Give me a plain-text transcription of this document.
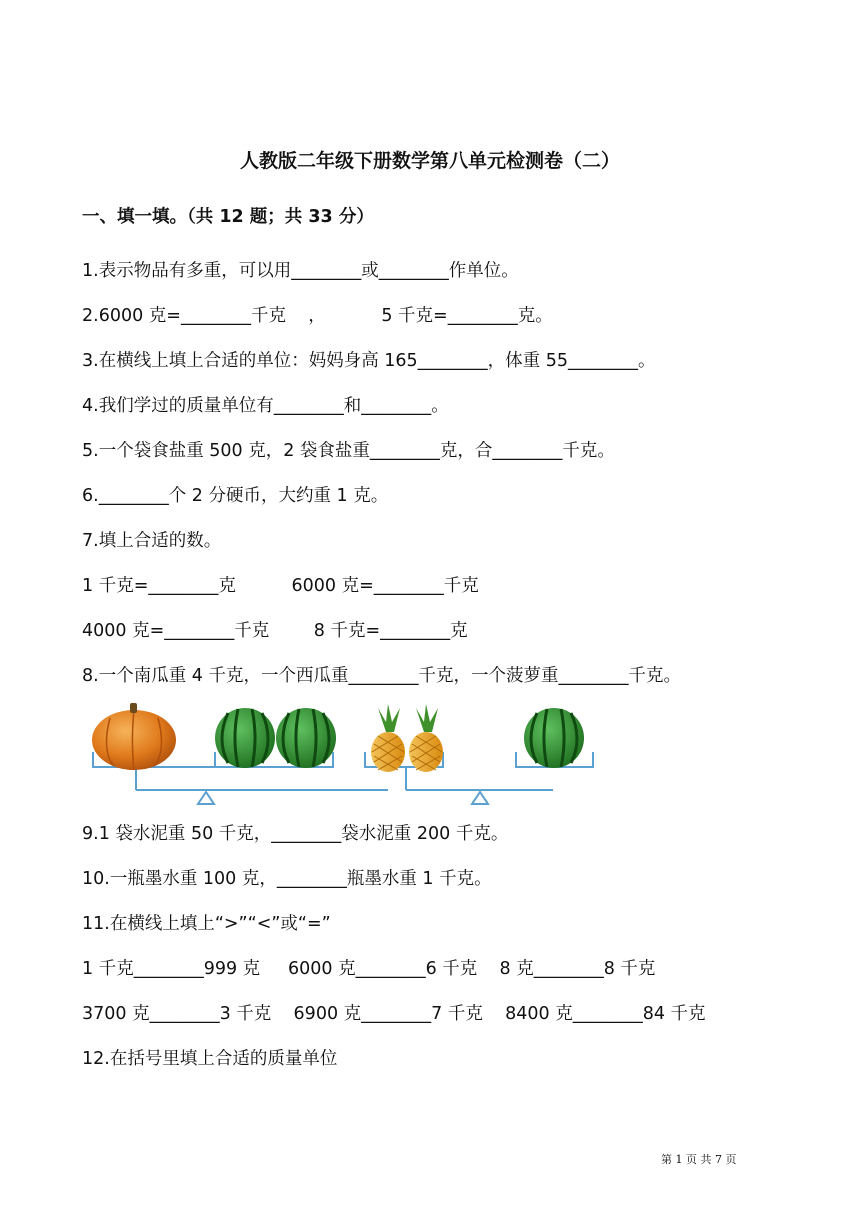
人教版二年级下册数学第八单元检测卷（二）
一、填一填。（共 12 题；共 33 分）
1.表示物品有多重，可以用________或________作单位。
2.6000 克=________千克    ，          5 千克=________克。
3.在横线上填上合适的单位：妈妈身高 165________，体重 55________。
4.我们学过的质量单位有________和________。
5.一个袋食盐重 500 克，2 袋食盐重________克，合________千克。
6.________个 2 分硬币，大约重 1 克。
7.填上合适的数。
1 千克=________克          6000 克=________千克
4000 克=________千克        8 千克=________克
8.一个南瓜重 4 千克，一个西瓜重________千克，一个菠萝重________千克。
9.1 袋水泥重 50 千克，________袋水泥重 200 千克。
10.一瓶墨水重 100 克，________瓶墨水重 1 千克。
11.在横线上填上“>”“<”或“=”
1 千克________999 克     6000 克________6 千克    8 克________8 千克
3700 克________3 千克    6900 克________7 千克    8400 克________84 千克
12.在括号里填上合适的质量单位
第 1 页 共 7 页
